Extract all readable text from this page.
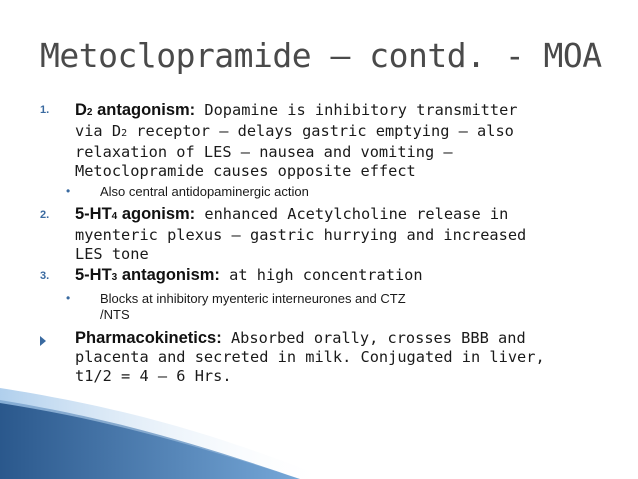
Metoclopramide – contd. - MOA
1. D2 antagonism: Dopamine is inhibitory transmitter
via D2 receptor – delays gastric emptying – also
relaxation of LES – nausea and vomiting –
Metoclopramide causes opposite effect
• Also central antidopaminergic action
2. 5-HT4 agonism: enhanced Acetylcholine release in
myenteric plexus – gastric hurrying and increased
LES tone
3. 5-HT3 antagonism: at high concentration
• Blocks at inhibitory myenteric interneurones and CTZ
/NTS
Pharmacokinetics: Absorbed orally, crosses BBB and
placenta and secreted in milk. Conjugated in liver,
t1/2 = 4 – 6 Hrs.
